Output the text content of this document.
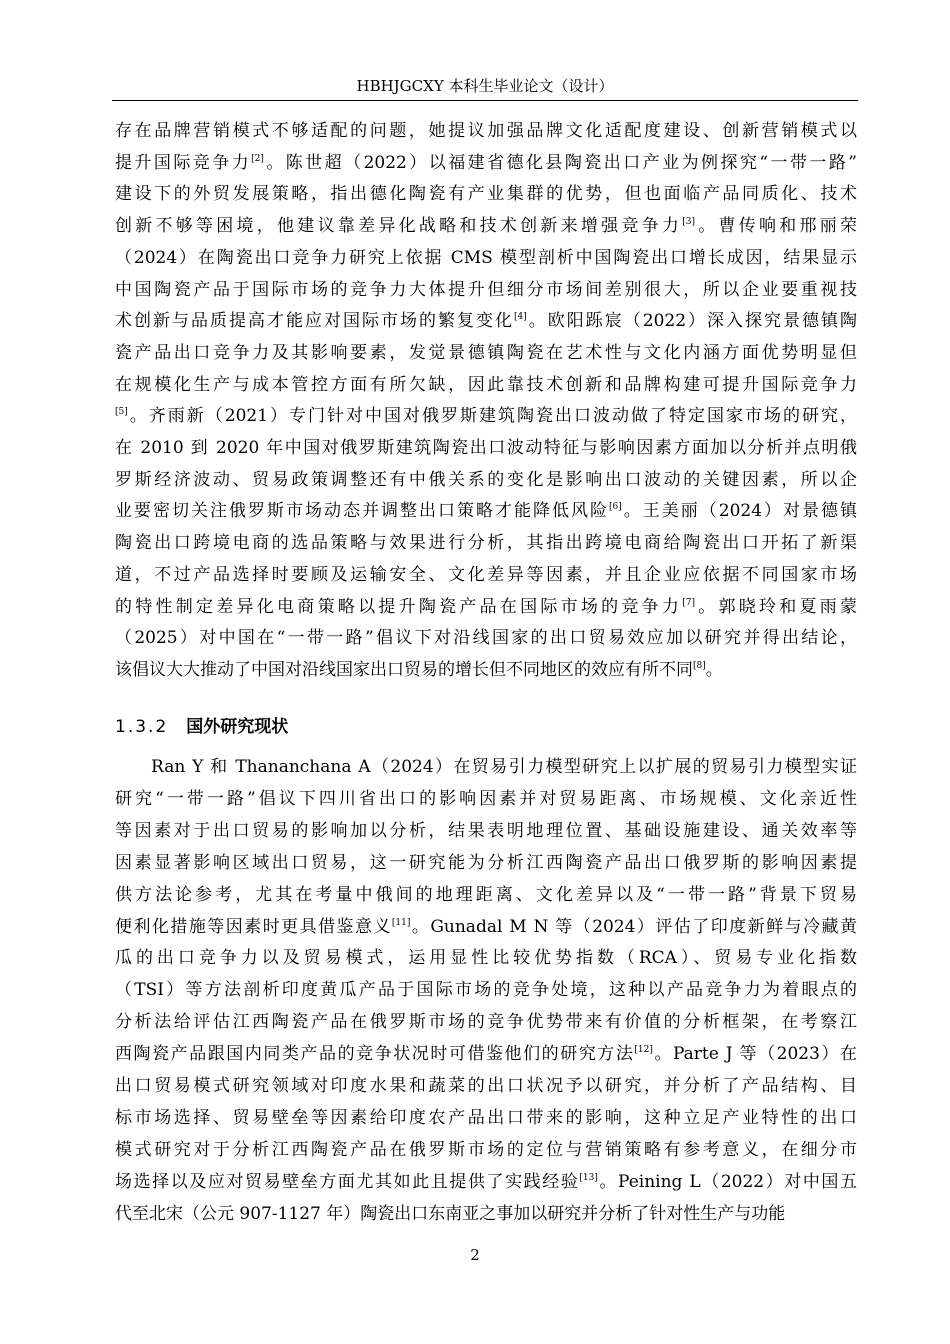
HBHJGCXY 本科生毕业论文（设计）
存在品牌营销模式不够适配的问题，她提议加强品牌文化适配度建设、创新营销模式以
提升国际竞争力[2]。陈世超（2022）以福建省德化县陶瓷出口产业为例探究“一带一路”
建设下的外贸发展策略，指出德化陶瓷有产业集群的优势，但也面临产品同质化、技术
创新不够等困境，他建议靠差异化战略和技术创新来增强竞争力[3]。曹传响和邢丽荣
（2024）在陶瓷出口竞争力研究上依据 CMS 模型剖析中国陶瓷出口增长成因，结果显示
中国陶瓷产品于国际市场的竞争力大体提升但细分市场间差别很大，所以企业要重视技
术创新与品质提高才能应对国际市场的繁复变化[4]。欧阳跞宸（2022）深入探究景德镇陶
瓷产品出口竞争力及其影响要素，发觉景德镇陶瓷在艺术性与文化内涵方面优势明显但
在规模化生产与成本管控方面有所欠缺，因此靠技术创新和品牌构建可提升国际竞争力
[5]。齐雨新（2021）专门针对中国对俄罗斯建筑陶瓷出口波动做了特定国家市场的研究，
在 2010 到 2020 年中国对俄罗斯建筑陶瓷出口波动特征与影响因素方面加以分析并点明俄
罗斯经济波动、贸易政策调整还有中俄关系的变化是影响出口波动的关键因素，所以企
业要密切关注俄罗斯市场动态并调整出口策略才能降低风险[6]。王美丽（2024）对景德镇
陶瓷出口跨境电商的选品策略与效果进行分析，其指出跨境电商给陶瓷出口开拓了新渠
道，不过产品选择时要顾及运输安全、文化差异等因素，并且企业应依据不同国家市场
的特性制定差异化电商策略以提升陶瓷产品在国际市场的竞争力[7]。郭晓玲和夏雨蒙
（2025）对中国在“一带一路”倡议下对沿线国家的出口贸易效应加以研究并得出结论，
该倡议大大推动了中国对沿线国家出口贸易的增长但不同地区的效应有所不同[8]。
1.3.2 国外研究现状
Ran Y 和 Thananchana A（2024）在贸易引力模型研究上以扩展的贸易引力模型实证
研究“一带一路”倡议下四川省出口的影响因素并对贸易距离、市场规模、文化亲近性
等因素对于出口贸易的影响加以分析，结果表明地理位置、基础设施建设、通关效率等
因素显著影响区域出口贸易，这一研究能为分析江西陶瓷产品出口俄罗斯的影响因素提
供方法论参考，尤其在考量中俄间的地理距离、文化差异以及“一带一路”背景下贸易
便利化措施等因素时更具借鉴意义[11]。Gunadal M N 等（2024）评估了印度新鲜与冷藏黄
瓜的出口竞争力以及贸易模式，运用显性比较优势指数（RCA）、贸易专业化指数
（TSI）等方法剖析印度黄瓜产品于国际市场的竞争处境，这种以产品竞争力为着眼点的
分析法给评估江西陶瓷产品在俄罗斯市场的竞争优势带来有价值的分析框架，在考察江
西陶瓷产品跟国内同类产品的竞争状况时可借鉴他们的研究方法[12]。Parte J 等（2023）在
出口贸易模式研究领域对印度水果和蔬菜的出口状况予以研究，并分析了产品结构、目
标市场选择、贸易壁垒等因素给印度农产品出口带来的影响，这种立足产业特性的出口
模式研究对于分析江西陶瓷产品在俄罗斯市场的定位与营销策略有参考意义，在细分市
场选择以及应对贸易壁垒方面尤其如此且提供了实践经验[13]。Peining L（2022）对中国五
代至北宋（公元 907-1127 年）陶瓷出口东南亚之事加以研究并分析了针对性生产与功能
2
